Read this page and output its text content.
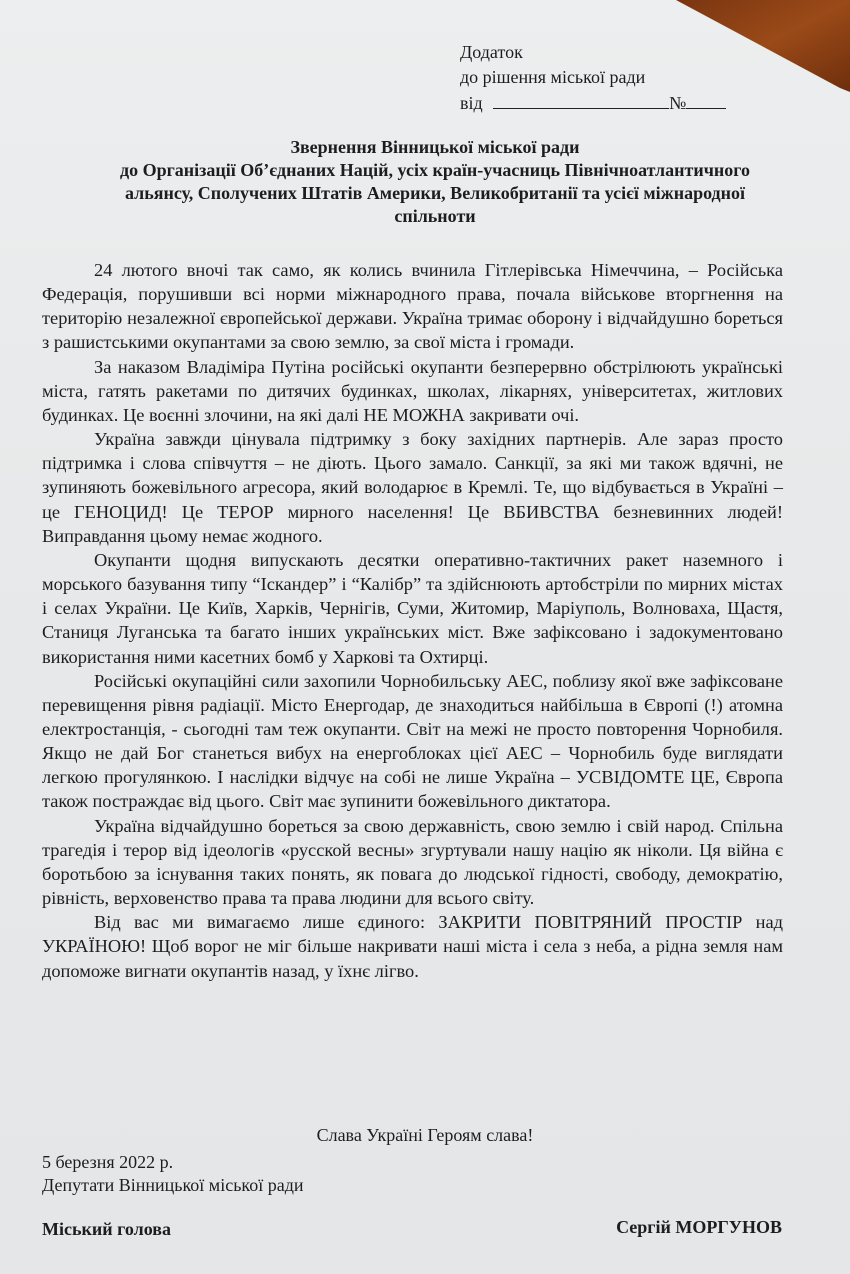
Додаток
до рішення міської ради
від	№
Звернення Вінницької міської ради
до Організації Об’єднаних Націй, усіх країн-учасниць Північноатлантичного
альянсу, Сполучених Штатів Америки, Великобританії та усієї міжнародної
спільноти

24 лютого вночі так само, як колись вчинила Гітлерівська Німеччина, – Російська Федерація, порушивши всі норми міжнародного права, почала військове вторгнення на територію незалежної європейської держави. Україна тримає оборону і відчайдушно бореться з рашистськими окупантами за свою землю, за свої міста і громади.

За наказом Владіміра Путіна російські окупанти безперервно обстрілюють українські міста, гатять ракетами по дитячих будинках, школах, лікарнях, університетах, житлових будинках. Це воєнні злочини, на які далі НЕ МОЖНА закривати очі.

Україна завжди цінувала підтримку з боку західних партнерів. Але зараз просто підтримка і слова співчуття – не діють. Цього замало. Санкції, за які ми також вдячні, не зупиняють божевільного агресора, який володарює в Кремлі. Те, що відбувається в Україні – це ГЕНОЦИД! Це ТЕРОР мирного населення! Це ВБИВСТВА безневинних людей! Виправдання цьому немає жодного.

Окупанти щодня випускають десятки оперативно-тактичних ракет наземного і морського базування типу “Іскандер” і “Калібр” та здійснюють артобстріли по мирних містах і селах України. Це Київ, Харків, Чернігів, Суми, Житомир, Маріуполь, Волноваха, Щастя, Станиця Луганська та багато інших українських міст. Вже зафіксовано і задокументовано використання ними касетних бомб у Харкові та Охтирці.

Російські окупаційні сили захопили Чорнобильську АЕС, поблизу якої вже зафіксоване перевищення рівня радіації. Місто Енергодар, де знаходиться найбільша в Європі (!) атомна електростанція, - сьогодні там теж окупанти. Світ на межі не просто повторення Чорнобиля. Якщо не дай Бог станеться вибух на енергоблоках цієї АЕС – Чорнобиль буде виглядати легкою прогулянкою. І наслідки відчує на собі не лише Україна – УСВІДОМТЕ ЦЕ, Європа також постраждає від цього. Світ має зупинити божевільного диктатора.

Україна відчайдушно бореться за свою державність, свою землю і свій народ. Спільна трагедія і терор від ідеологів «русской весны» згуртували нашу націю як ніколи. Ця війна є боротьбою за існування таких понять, як повага до людської гідності, свободу, демократію, рівність, верховенство права та права людини для всього світу.

Від вас ми вимагаємо лише єдиного: ЗАКРИТИ ПОВІТРЯНИЙ ПРОСТІР над УКРАЇНОЮ! Щоб ворог не міг більше накривати наші міста і села з неба, а рідна земля нам допоможе вигнати окупантів назад, у їхнє лігво.

Слава Україні Героям слава!
5 березня 2022 р.
Депутати Вінницької міської ради
Міський голова	Сергій МОРГУНОВ
